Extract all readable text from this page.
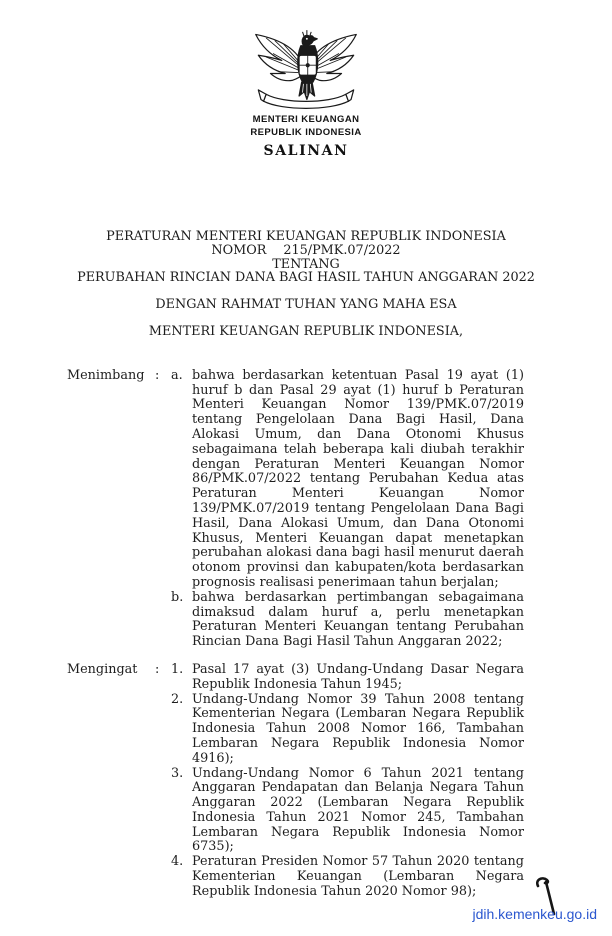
MENTERI KEUANGAN
REPUBLIK INDONESIA
SALINAN
PERATURAN MENTERI KEUANGAN REPUBLIK INDONESIA
NOMOR 215/PMK.07/2022
TENTANG
PERUBAHAN RINCIAN DANA BAGI HASIL TAHUN ANGGARAN 2022
DENGAN RAHMAT TUHAN YANG MAHA ESA
MENTERI KEUANGAN REPUBLIK INDONESIA,
Menimbang : a. bahwa berdasarkan ketentuan Pasal 19 ayat (1) huruf b dan Pasal 29 ayat (1) huruf b Peraturan Menteri Keuangan Nomor 139/PMK.07/2019 tentang Pengelolaan Dana Bagi Hasil, Dana Alokasi Umum, dan Dana Otonomi Khusus sebagaimana telah beberapa kali diubah terakhir dengan Peraturan Menteri Keuangan Nomor 86/PMK.07/2022 tentang Perubahan Kedua atas Peraturan Menteri Keuangan Nomor 139/PMK.07/2019 tentang Pengelolaan Dana Bagi Hasil, Dana Alokasi Umum, dan Dana Otonomi Khusus, Menteri Keuangan dapat menetapkan perubahan alokasi dana bagi hasil menurut daerah otonom provinsi dan kabupaten/kota berdasarkan prognosis realisasi penerimaan tahun berjalan;
b. bahwa berdasarkan pertimbangan sebagaimana dimaksud dalam huruf a, perlu menetapkan Peraturan Menteri Keuangan tentang Perubahan Rincian Dana Bagi Hasil Tahun Anggaran 2022;
Mengingat	: 1. Pasal 17 ayat (3) Undang-Undang Dasar Negara Republik Indonesia Tahun 1945;
2. Undang-Undang Nomor 39 Tahun 2008 tentang Kementerian Negara (Lembaran Negara Republik Indonesia Tahun 2008 Nomor 166, Tambahan Lembaran Negara Republik Indonesia Nomor 4916);
3. Undang-Undang Nomor 6 Tahun 2021 tentang Anggaran Pendapatan dan Belanja Negara Tahun Anggaran 2022 (Lembaran Negara Republik Indonesia Tahun 2021 Nomor 245, Tambahan Lembaran Negara Republik Indonesia Nomor 6735);
4. Peraturan Presiden Nomor 57 Tahun 2020 tentang Kementerian Keuangan (Lembaran Negara Republik Indonesia Tahun 2020 Nomor 98);
jdih.kemenkeu.go.id
